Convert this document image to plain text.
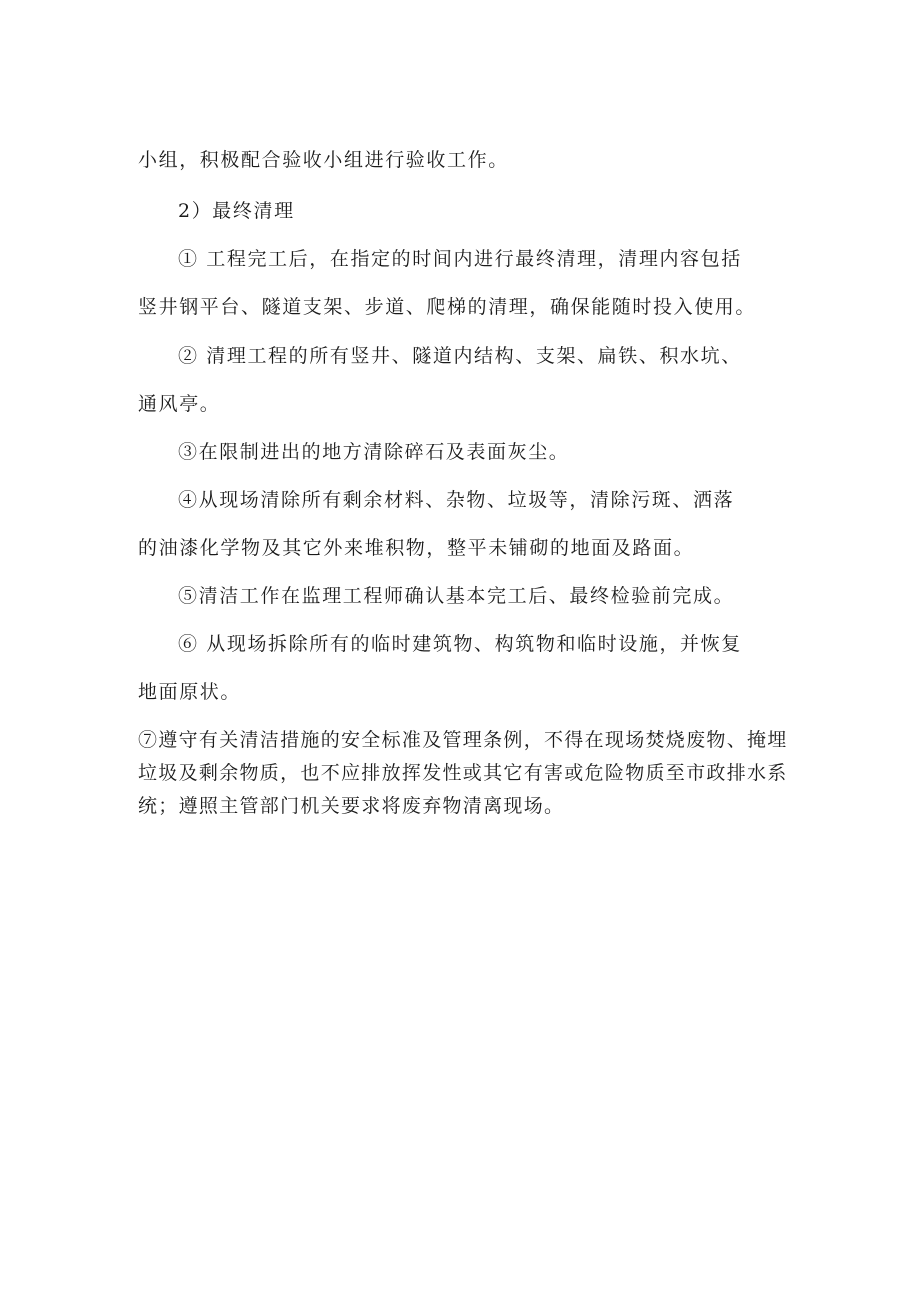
小组，积极配合验收小组进行验收工作。
2）最终清理
① 工程完工后，在指定的时间内进行最终清理，清理内容包括
竖井钢平台、隧道支架、步道、爬梯的清理，确保能随时投入使用。
② 清理工程的所有竖井、隧道内结构、支架、扁铁、积水坑、
通风亭。
③在限制进出的地方清除碎石及表面灰尘。
④从现场清除所有剩余材料、杂物、垃圾等，清除污斑、洒落
的油漆化学物及其它外来堆积物，整平未铺砌的地面及路面。
⑤清洁工作在监理工程师确认基本完工后、最终检验前完成。
⑥ 从现场拆除所有的临时建筑物、构筑物和临时设施，并恢复
地面原状。
⑦遵守有关清洁措施的安全标准及管理条例，不得在现场焚烧废物、掩埋
垃圾及剩余物质，也不应排放挥发性或其它有害或危险物质至市政排水系
统；遵照主管部门机关要求将废弃物清离现场。
